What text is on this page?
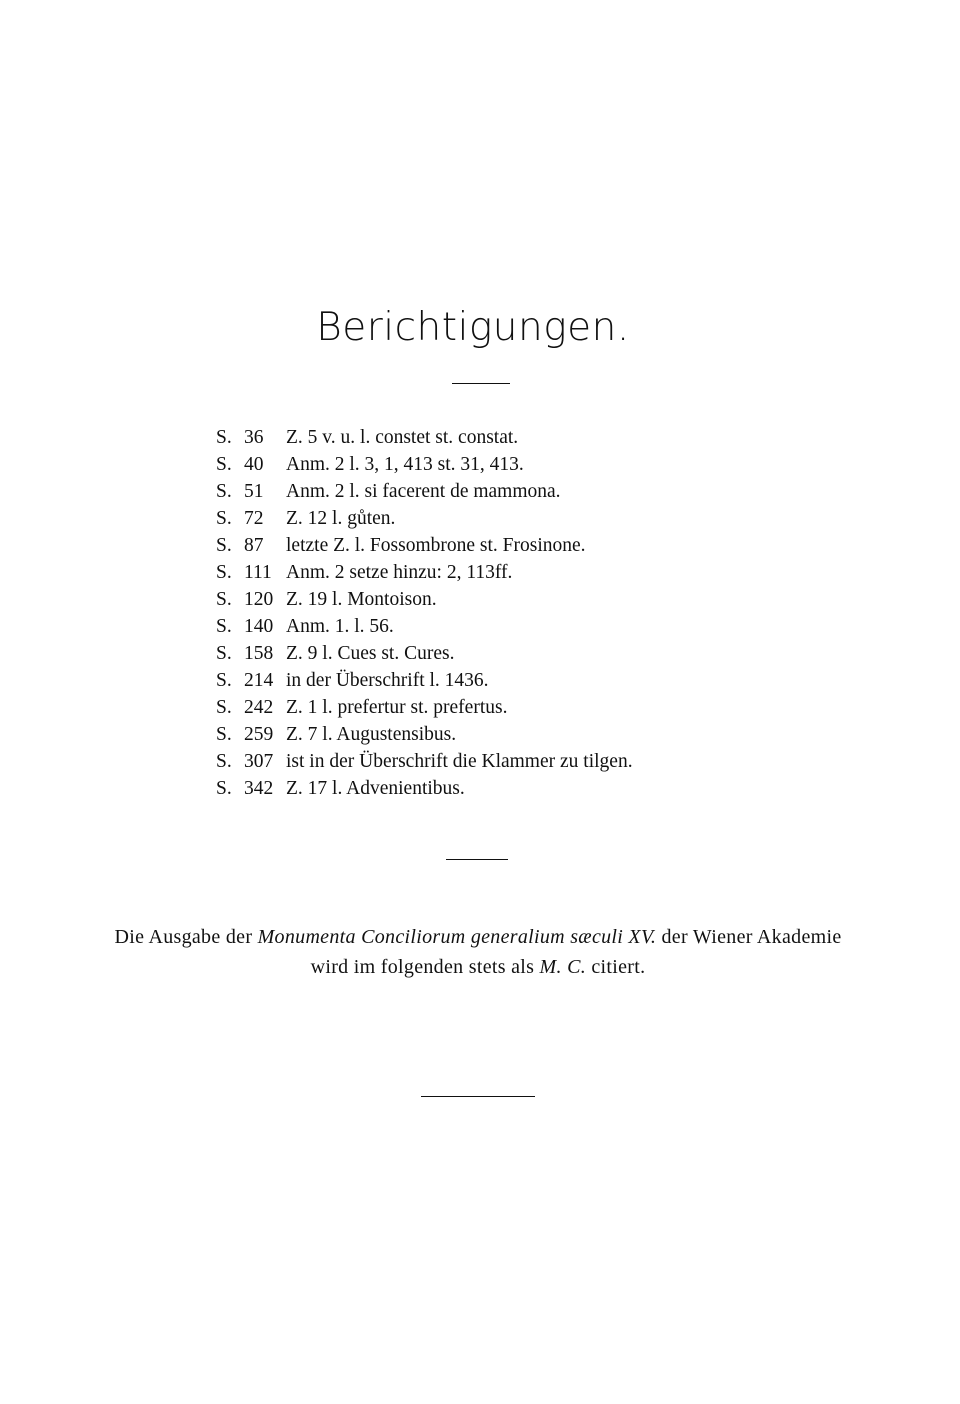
Berichtigungen.
S. 36 Z. 5 v. u. l. constet st. constat.
S. 40 Anm. 2 l. 3, 1, 413 st. 31, 413.
S. 51 Anm. 2 l. si facerent de mammona.
S. 72 Z. 12 l. gůten.
S. 87 letzte Z. l. Fossombrone st. Frosinone.
S. 111 Anm. 2 setze hinzu: 2, 113ff.
S. 120 Z. 19 l. Montoison.
S. 140 Anm. 1. l. 56.
S. 158 Z. 9 l. Cues st. Cures.
S. 214 in der Überschrift l. 1436.
S. 242 Z. 1 l. prefertur st. prefertus.
S. 259 Z. 7 l. Augustensibus.
S. 307 ist in der Überschrift die Klammer zu tilgen.
S. 342 Z. 17 l. Advenientibus.

Die Ausgabe der Monumenta Conciliorum generalium sæculi XV. der Wiener Akademie wird im folgenden stets als M. C. citiert.
